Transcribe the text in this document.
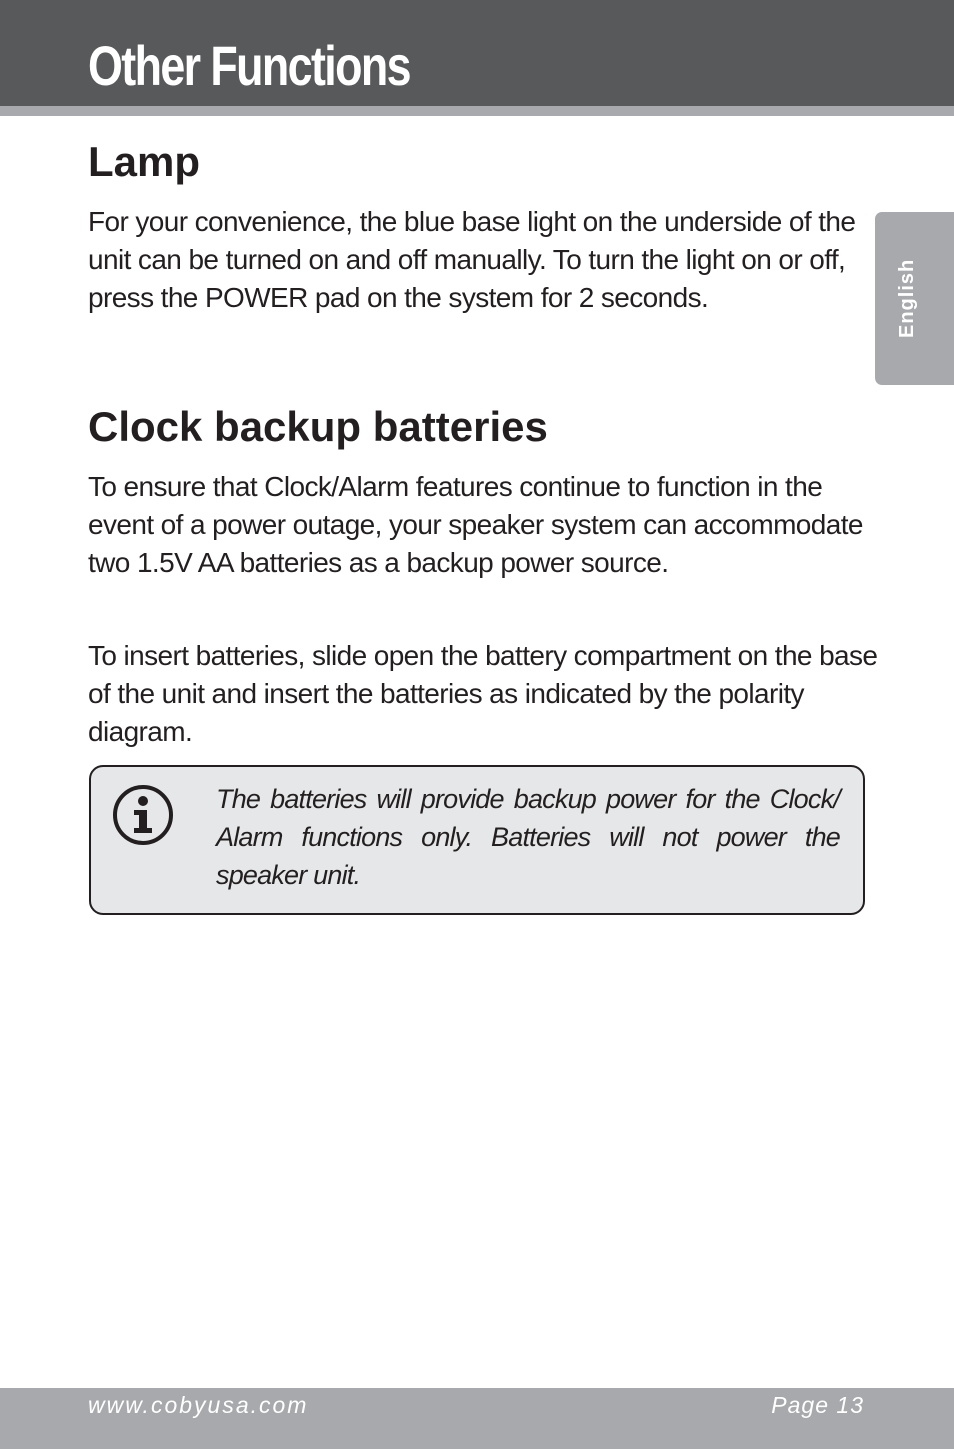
Other Functions
English
Lamp

For your convenience, the blue base light on the underside of the unit can be turned on and off manually. To turn the light on or off, press the POWER pad on the system for 2 seconds.

Clock backup batteries

To ensure that Clock/Alarm features continue to function in the event of a power outage, your speaker system can accommodate two 1.5V AA batteries as a backup power source.

To insert batteries, slide open the battery compartment on the base of the unit and insert the batteries as indicated by the polarity diagram.

The batteries will provide backup power for the Clock/ Alarm functions only. Batteries will not power the speaker unit.

www.cobyusa.com	Page 13
